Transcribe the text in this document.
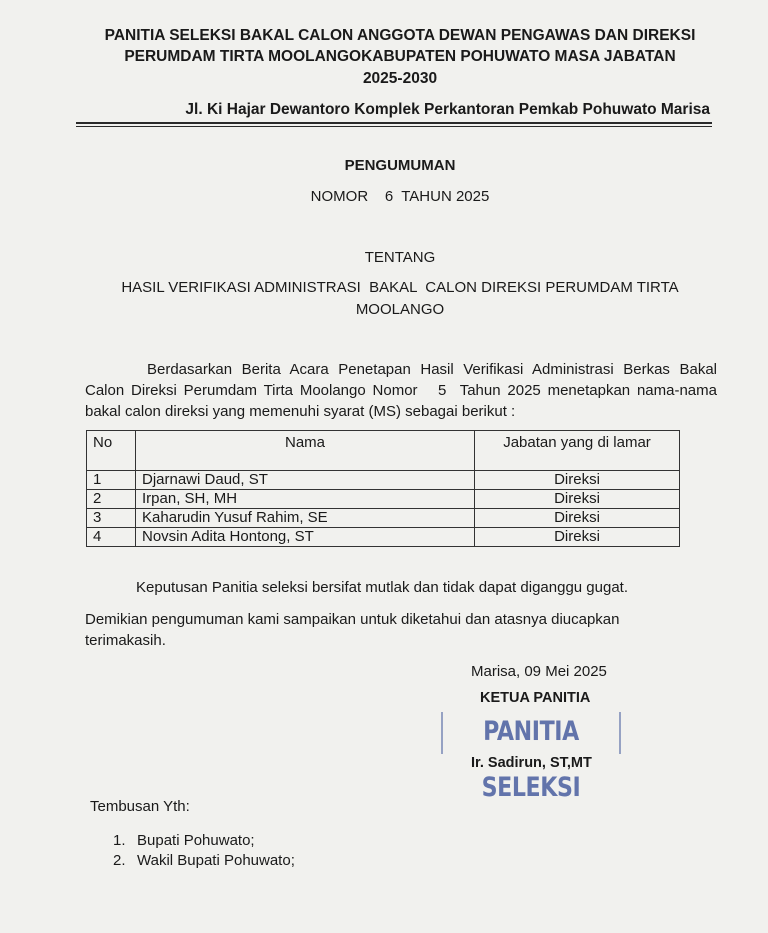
PANITIA SELEKSI BAKAL CALON ANGGOTA DEWAN PENGAWAS DAN DIREKSI
PERUMDAM TIRTA MOOLANGOKABUPATEN POHUWATO MASA JABATAN
2025-2030
Jl. Ki Hajar Dewantoro Komplek Perkantoran Pemkab Pohuwato Marisa
PENGUMUMAN
NOMOR    6  TAHUN 2025
TENTANG
HASIL VERIFIKASI ADMINISTRASI  BAKAL  CALON DIREKSI PERUMDAM TIRTA
MOOLANGO
Berdasarkan Berita Acara Penetapan Hasil Verifikasi Administrasi Berkas Bakal Calon Direksi Perumdam Tirta Moolango Nomor   5  Tahun 2025 menetapkan nama-nama bakal calon direksi yang memenuhi syarat (MS) sebagai berikut :
No	Nama	Jabatan yang di lamar
1	Djarnawi Daud, ST	Direksi
2	Irpan, SH, MH	Direksi
3	Kaharudin Yusuf Rahim, SE	Direksi
4	Novsin Adita Hontong, ST	Direksi
Keputusan Panitia seleksi bersifat mutlak dan tidak dapat diganggu gugat.
Demikian pengumuman kami sampaikan untuk diketahui dan atasnya diucapkan terimakasih.
Marisa, 09 Mei 2025
KETUA PANITIA
PANITIA SELEKSI
Ir. Sadirun, ST,MT
Tembusan Yth:
1. Bupati Pohuwato;
2. Wakil Bupati Pohuwato;
